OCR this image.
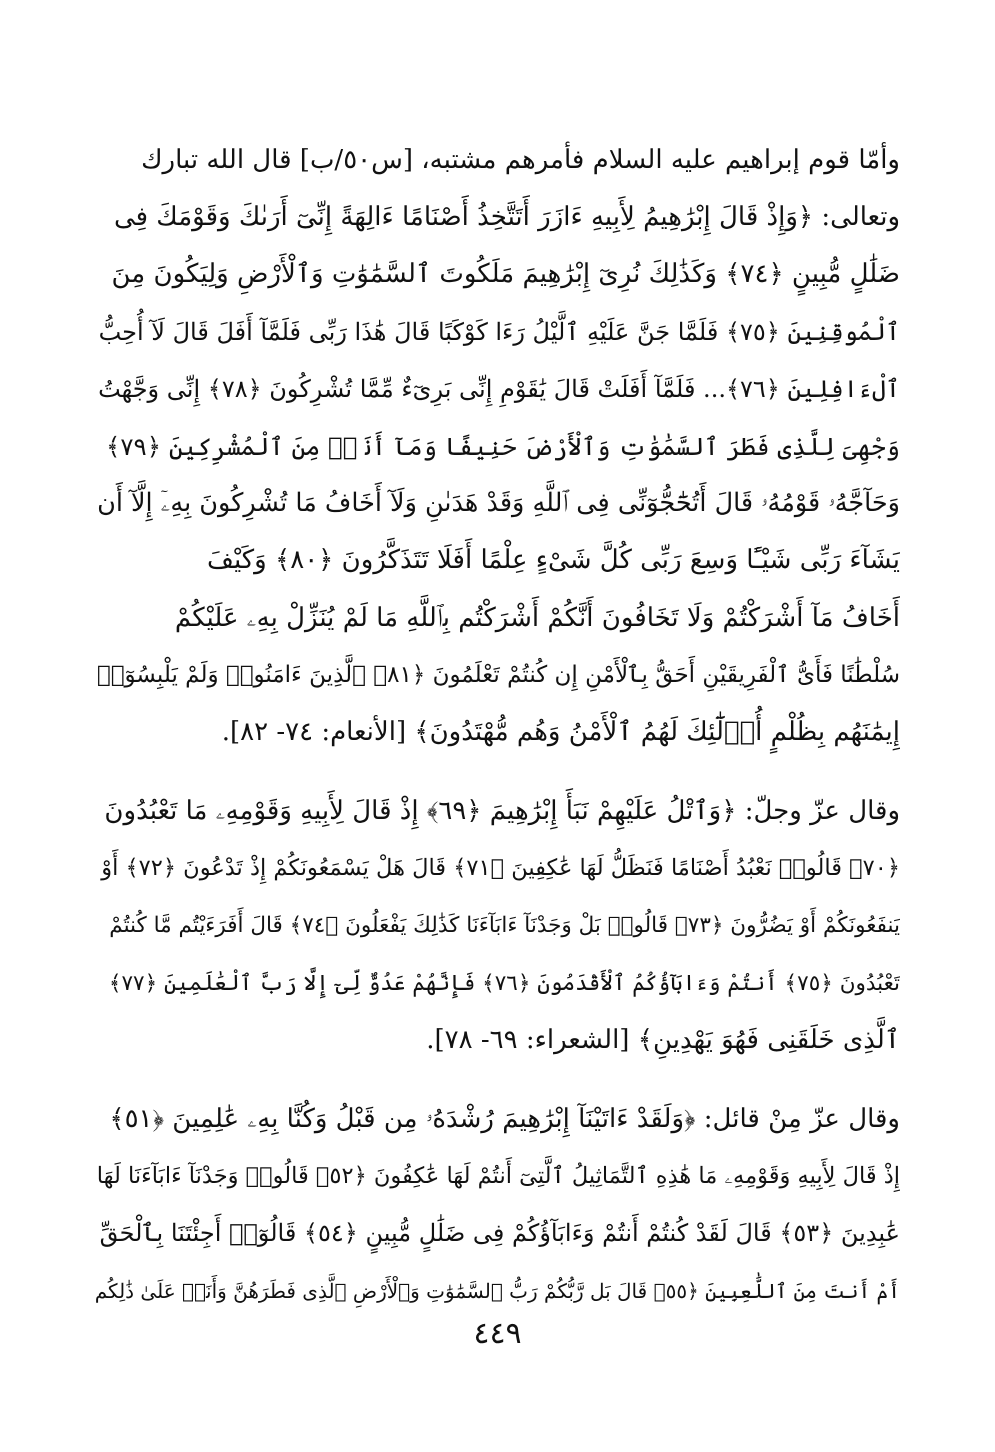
وأمّا قوم إبراهيم عليه السلام فأمرهم مشتبه، [س٥٠/ب] قال الله تبارك

وتعالى: ﴿وَإِذْ قَالَ إِبْرَٰهِيمُ لِأَبِيهِ ءَازَرَ أَتَتَّخِذُ أَصْنَامًا ءَالِهَةً إِنِّىٓ أَرَىٰكَ وَقَوْمَكَ فِى

ضَلَٰلٍ مُّبِينٍ ﴿٧٤﴾ وَكَذَٰلِكَ نُرِىٓ إِبْرَٰهِيمَ مَلَكُوتَ ٱلسَّمَٰوَٰتِ وَٱلْأَرْضِ وَلِيَكُونَ مِنَ

ٱلْمُوقِنِينَ ﴿٧٥﴾ فَلَمَّا جَنَّ عَلَيْهِ ٱلَّيْلُ رَءَا كَوْكَبًا قَالَ هَٰذَا رَبِّى فَلَمَّآ أَفَلَ قَالَ لَآ أُحِبُّ

ٱلْءَافِلِينَ ﴿٧٦﴾... فَلَمَّآ أَفَلَتْ قَالَ يَٰقَوْمِ إِنِّى بَرِىٓءٌ مِّمَّا تُشْرِكُونَ ﴿٧٨﴾ إِنِّى وَجَّهْتُ

وَجْهِىَ لِلَّذِى فَطَرَ ٱلسَّمَٰوَٰتِ وَٱلْأَرْضَ حَنِيفًا وَمَآ أَنَا۠ مِنَ ٱلْمُشْرِكِينَ ﴿٧٩﴾

وَحَآجَّهُۥ قَوْمُهُۥ قَالَ أَتُحَٰٓجُّوٓنِّى فِى ٱللَّهِ وَقَدْ هَدَىٰنِ وَلَآ أَخَافُ مَا تُشْرِكُونَ بِهِۦٓ إِلَّآ أَن

يَشَآءَ رَبِّى شَيْـًٔا وَسِعَ رَبِّى كُلَّ شَىْءٍ عِلْمًا أَفَلَا تَتَذَكَّرُونَ ﴿٨٠﴾ وَكَيْفَ

أَخَافُ مَآ أَشْرَكْتُمْ وَلَا تَخَافُونَ أَنَّكُمْ أَشْرَكْتُم بِٱللَّهِ مَا لَمْ يُنَزِّلْ بِهِۦ عَلَيْكُمْ

سُلْطَٰنًا فَأَىُّ ٱلْفَرِيقَيْنِ أَحَقُّ بِٱلْأَمْنِ إِن كُنتُمْ تَعْلَمُونَ ﴿٨١﴾ ٱلَّذِينَ ءَامَنُوا۟ وَلَمْ يَلْبِسُوٓا۟

إِيمَٰنَهُم بِظُلْمٍ أُو۟لَٰٓئِكَ لَهُمُ ٱلْأَمْنُ وَهُم مُّهْتَدُونَ﴾ [الأنعام: ٧٤- ٨٢].

وقال عزّ وجلّ: ﴿وَٱتْلُ عَلَيْهِمْ نَبَأَ إِبْرَٰهِيمَ ﴿٦٩﴾ إِذْ قَالَ لِأَبِيهِ وَقَوْمِهِۦ مَا تَعْبُدُونَ

﴿٧٠﴾ قَالُوا۟ نَعْبُدُ أَصْنَامًا فَنَظَلُّ لَهَا عَٰكِفِينَ ﴿٧١﴾ قَالَ هَلْ يَسْمَعُونَكُمْ إِذْ تَدْعُونَ ﴿٧٢﴾ أَوْ

يَنفَعُونَكُمْ أَوْ يَضُرُّونَ ﴿٧٣﴾ قَالُوا۟ بَلْ وَجَدْنَآ ءَابَآءَنَا كَذَٰلِكَ يَفْعَلُونَ ﴿٧٤﴾ قَالَ أَفَرَءَيْتُم مَّا كُنتُمْ

تَعْبُدُونَ ﴿٧٥﴾ أَنتُمْ وَءَابَآؤُكُمُ ٱلْأَقْدَمُونَ ﴿٧٦﴾ فَإِنَّهُمْ عَدُوٌّ لِّىٓ إِلَّا رَبَّ ٱلْعَٰلَمِينَ ﴿٧٧﴾

ٱلَّذِى خَلَقَنِى فَهُوَ يَهْدِينِ﴾ [الشعراء: ٦٩- ٧٨].

وقال عزّ مِنْ قائل: ﴿وَلَقَدْ ءَاتَيْنَآ إِبْرَٰهِيمَ رُشْدَهُۥ مِن قَبْلُ وَكُنَّا بِهِۦ عَٰلِمِينَ ﴿٥١﴾

إِذْ قَالَ لِأَبِيهِ وَقَوْمِهِۦ مَا هَٰذِهِ ٱلتَّمَاثِيلُ ٱلَّتِىٓ أَنتُمْ لَهَا عَٰكِفُونَ ﴿٥٢﴾ قَالُوا۟ وَجَدْنَآ ءَابَآءَنَا لَهَا

عَٰبِدِينَ ﴿٥٣﴾ قَالَ لَقَدْ كُنتُمْ أَنتُمْ وَءَابَآؤُكُمْ فِى ضَلَٰلٍ مُّبِينٍ ﴿٥٤﴾ قَالُوٓا۟ أَجِئْتَنَا بِٱلْحَقِّ

أَمْ أَنتَ مِنَ ٱللَّٰعِبِينَ ﴿٥٥﴾ قَالَ بَل رَّبُّكُمْ رَبُّ ٱلسَّمَٰوَٰتِ وَٱلْأَرْضِ ٱلَّذِى فَطَرَهُنَّ وَأَنَا۠ عَلَىٰ ذَٰلِكُم

٤٤٩
